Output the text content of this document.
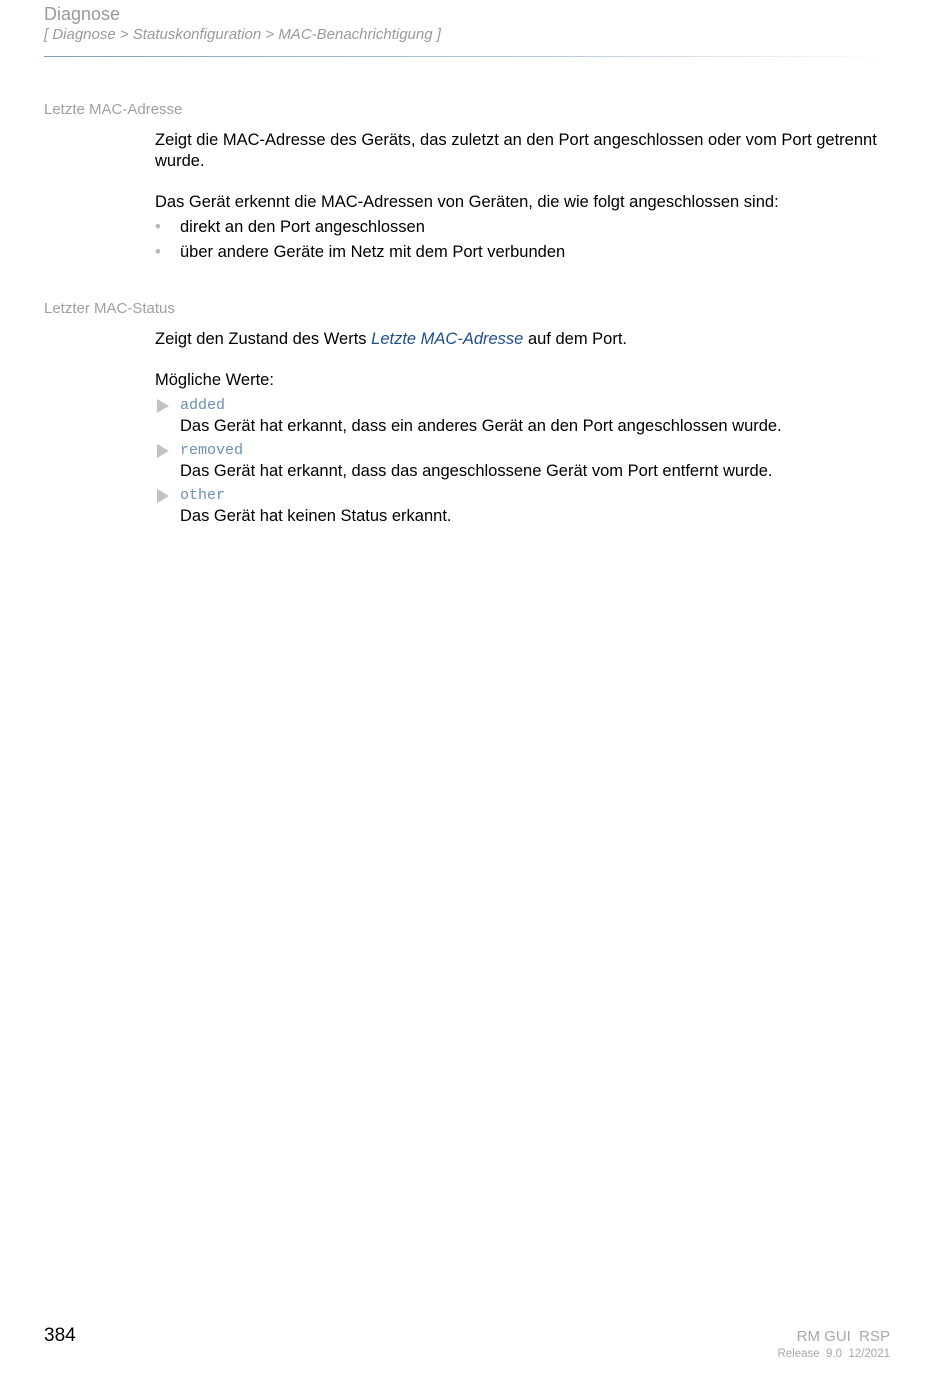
Diagnose
[ Diagnose > Statuskonfiguration > MAC-Benachrichtigung ]
Letzte MAC-Adresse

Zeigt die MAC-Adresse des Geräts, das zuletzt an den Port angeschlossen oder vom Port getrennt wurde.

Das Gerät erkennt die MAC-Adressen von Geräten, die wie folgt angeschlossen sind:

• direkt an den Port angeschlossen
• über andere Geräte im Netz mit dem Port verbunden
Letzter MAC-Status

Zeigt den Zustand des Werts Letzte MAC-Adresse auf dem Port.

Mögliche Werte:

added
Das Gerät hat erkannt, dass ein anderes Gerät an den Port angeschlossen wurde.
removed
Das Gerät hat erkannt, dass das angeschlossene Gerät vom Port entfernt wurde.
other
Das Gerät hat keinen Status erkannt.
384	RM GUI  RSP
Release  9.0  12/2021
